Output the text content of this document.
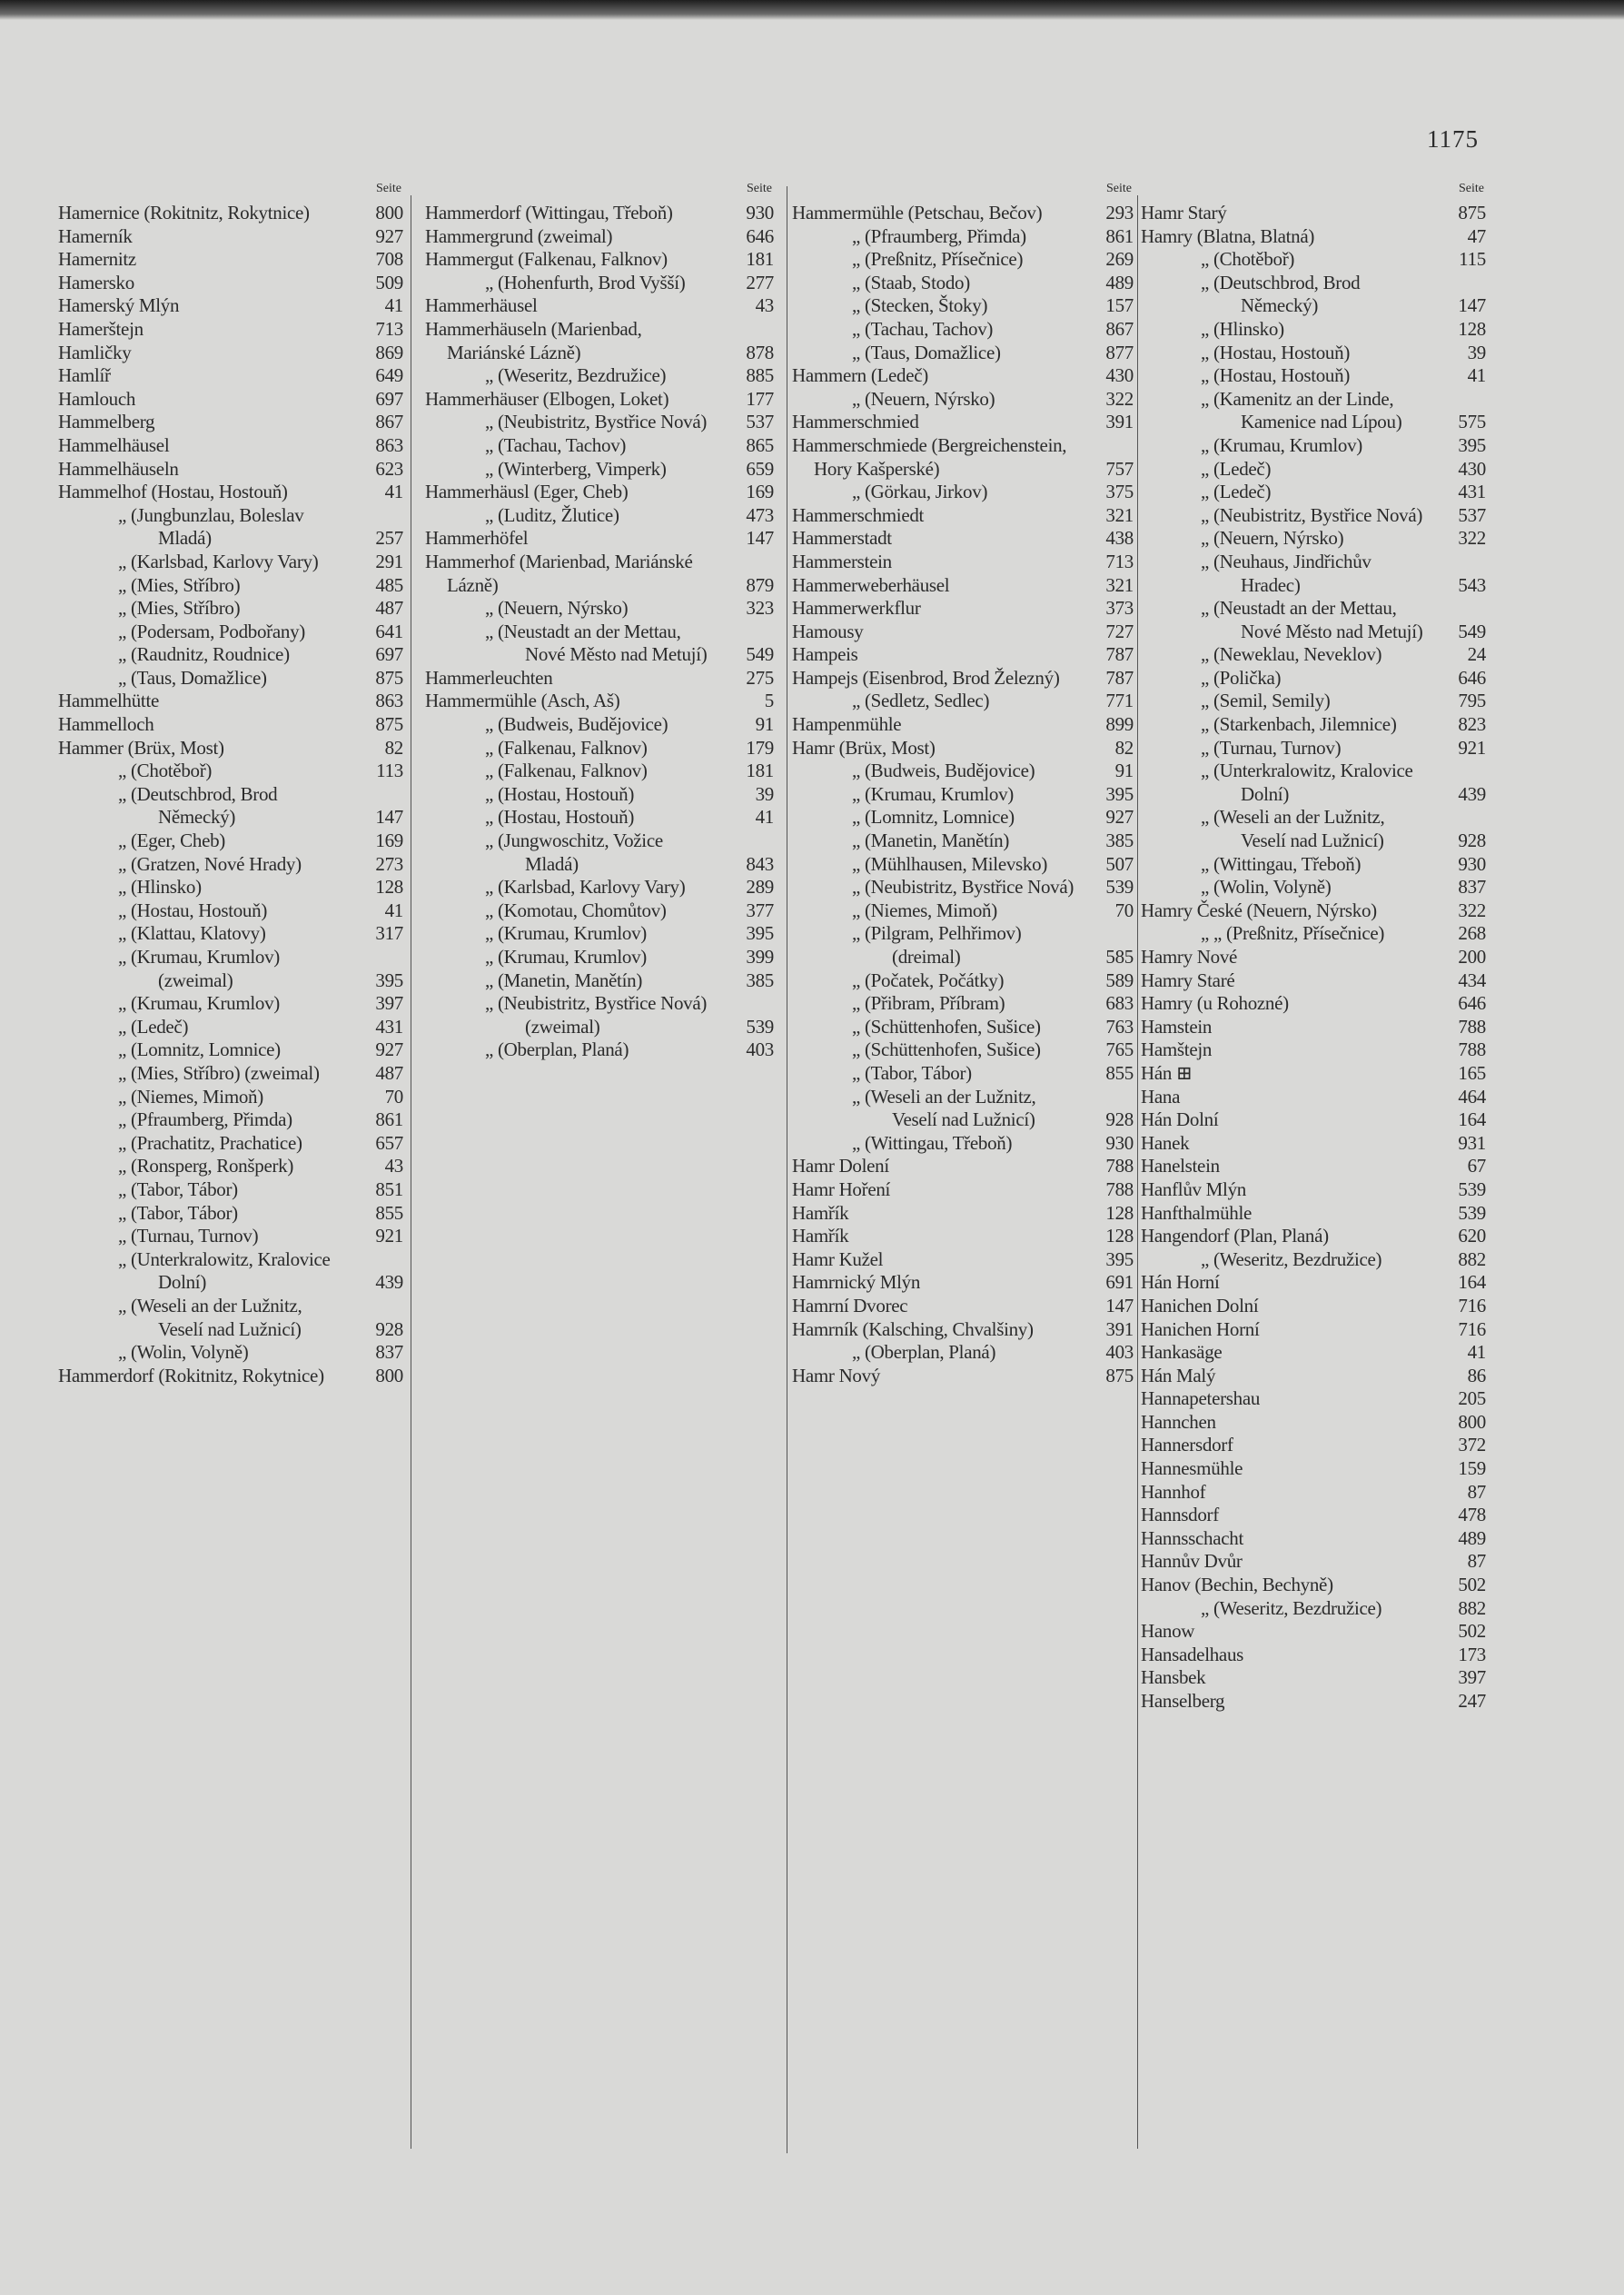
1175
Seite
Hamernice (Rokitnitz, Rokytnice)	800
Hamerník	927
Hamernitz	708
Hamersko	509
Hamerský Mlýn	41
Hamerštejn	713
Hamličky	869
Hamlíř	649
Hamlouch	697
Hammelberg	867
Hammelhäusel	863
Hammelhäuseln	623
Hammelhof (Hostau, Hostouň)	41
„ (Jungbunzlau, Boleslav Mladá)	257
„ (Karlsbad, Karlovy Vary)	291
„ (Mies, Stříbro)	485
„ (Mies, Stříbro)	487
„ (Podersam, Podbořany)	641
„ (Raudnitz, Roudnice)	697
„ (Taus, Domažlice)	875
Hammelhütte	863
Hammelloch	875
Hammer (Brüx, Most)	82
„ (Chotěboř)	113
„ (Deutschbrod, Brod Německý)	147
„ (Eger, Cheb)	169
„ (Gratzen, Nové Hrady)	273
„ (Hlinsko)	128
„ (Hostau, Hostouň)	41
„ (Klattau, Klatovy)	317
„ (Krumau, Krumlov) (zweimal)	395
„ (Krumau, Krumlov)	397
„ (Ledeč)	431
„ (Lomnitz, Lomnice)	927
„ (Mies, Stříbro) (zweimal)	487
„ (Niemes, Mimoň)	70
„ (Pfraumberg, Přimda)	861
„ (Prachatitz, Prachatice)	657
„ (Ronsperg, Ronšperk)	43
„ (Tabor, Tábor)	851
„ (Tabor, Tábor)	855
„ (Turnau, Turnov)	921
„ (Unterkralowitz, Kralovice Dolní)	439
„ (Weseli an der Lužnitz, Veselí nad Lužnicí)	928
„ (Wolin, Volyně)	837
Hammerdorf (Rokitnitz, Rokytnice)	800
Seite
Hammerdorf (Wittingau, Třeboň)	930
Hammergrund (zweimal)	646
Hammergut (Falkenau, Falknov)	181
„ (Hohenfurth, Brod Vyšší)	277
Hammerhäusel	43
Hammerhäuseln (Marienbad, Mariánské Lázně)	878
„ (Weseritz, Bezdružice)	885
Hammerhäuser (Elbogen, Loket)	177
„ (Neubistritz, Bystřice Nová)	537
„ (Tachau, Tachov)	865
„ (Winterberg, Vimperk)	659
Hammerhäusl (Eger, Cheb)	169
„ (Luditz, Žlutice)	473
Hammerhöfel	147
Hammerhof (Marienbad, Mariánské Lázně)	879
„ (Neuern, Nýrsko)	323
„ (Neustadt an der Mettau, Nové Město nad Metují)	549
Hammerleuchten	275
Hammermühle (Asch, Aš)	5
„ (Budweis, Budějovice)	91
„ (Falkenau, Falknov)	179
„ (Falkenau, Falknov)	181
„ (Hostau, Hostouň)	39
„ (Hostau, Hostouň)	41
„ (Jungwoschitz, Vožice Mladá)	843
„ (Karlsbad, Karlovy Vary)	289
„ (Komotau, Chomůtov)	377
„ (Krumau, Krumlov)	395
„ (Krumau, Krumlov)	399
„ (Manetin, Manětín)	385
„ (Neubistritz, Bystřice Nová) (zweimal)	539
„ (Oberplan, Planá)	403
Seite
Hammermühle (Petschau, Bečov)	293
„ (Pfraumberg, Přimda)	861
„ (Preßnitz, Přísečnice)	269
„ (Staab, Stodo)	489
„ (Stecken, Štoky)	157
„ (Tachau, Tachov)	867
„ (Taus, Domažlice)	877
Hammern (Ledeč)	430
„ (Neuern, Nýrsko)	322
Hammerschmied	391
Hammerschmiede (Bergreichenstein, Hory Kašperské)	757
„ (Görkau, Jirkov)	375
Hammerschmiedt	321
Hammerstadt	438
Hammerstein	713
Hammerweberhäusel	321
Hammerwerkflur	373
Hamousy	727
Hampeis	787
Hampejs (Eisenbrod, Brod Železný)	787
„ (Sedletz, Sedlec)	771
Hampenmühle	899
Hamr (Brüx, Most)	82
„ (Budweis, Budějovice)	91
„ (Krumau, Krumlov)	395
„ (Lomnitz, Lomnice)	927
„ (Manetin, Manětín)	385
„ (Mühlhausen, Milevsko)	507
„ (Neubistritz, Bystřice Nová)	539
„ (Niemes, Mimoň)	70
„ (Pilgram, Pelhřimov) (dreimal)	585
„ (Počatek, Počátky)	589
„ (Přibram, Příbram)	683
„ (Schüttenhofen, Sušice)	763
„ (Schüttenhofen, Sušice)	765
„ (Tabor, Tábor)	855
„ (Weseli an der Lužnitz, Veselí nad Lužnicí)	928
„ (Wittingau, Třeboň)	930
Hamr Dolení	788
Hamr Hoření	788
Hamřík	128
Hamřík	128
Hamr Kužel	395
Hamrnický Mlýn	691
Hamrní Dvorec	147
Hamrník (Kalsching, Chvalšiny)	391
„ (Oberplan, Planá)	403
Hamr Nový	875
Seite
Hamr Starý	875
Hamry (Blatna, Blatná)	47
„ (Chotěboř)	115
„ (Deutschbrod, Brod Německý)	147
„ (Hlinsko)	128
„ (Hostau, Hostouň)	39
„ (Hostau, Hostouň)	41
„ (Kamenitz an der Linde, Kamenice nad Lípou)	575
„ (Krumau, Krumlov)	395
„ (Ledeč)	430
„ (Ledeč)	431
„ (Neubistritz, Bystřice Nová)	537
„ (Neuern, Nýrsko)	322
„ (Neuhaus, Jindřichův Hradec)	543
„ (Neustadt an der Mettau, Nové Město nad Metují)	549
„ (Neweklau, Neveklov)	24
„ (Polička)	646
„ (Semil, Semily)	795
„ (Starkenbach, Jilemnice)	823
„ (Turnau, Turnov)	921
„ (Unterkralowitz, Kralovice Dolní)	439
„ (Weseli an der Lužnitz, Veselí nad Lužnicí)	928
„ (Wittingau, Třeboň)	930
„ (Wolin, Volyně)	837
Hamry České (Neuern, Nýrsko)	322
„ „ (Preßnitz, Přísečnice)	268
Hamry Nové	200
Hamry Staré	434
Hamry (u Rohozné)	646
Hamstein	788
Hamštejn	788
Hán ⊞	165
Hana	464
Hán Dolní	164
Hanek	931
Hanelstein	67
Hanflův Mlýn	539
Hanfthalmühle	539
Hangendorf (Plan, Planá)	620
„ (Weseritz, Bezdružice)	882
Hán Horní	164
Hanichen Dolní	716
Hanichen Horní	716
Hankasäge	41
Hán Malý	86
Hannapetershau	205
Hannchen	800
Hannersdorf	372
Hannesmühle	159
Hannhof	87
Hannsdorf	478
Hannsschacht	489
Hannův Dvůr	87
Hanov (Bechin, Bechyně)	502
„ (Weseritz, Bezdružice)	882
Hanow	502
Hansadelhaus	173
Hansbek	397
Hanselberg	247
